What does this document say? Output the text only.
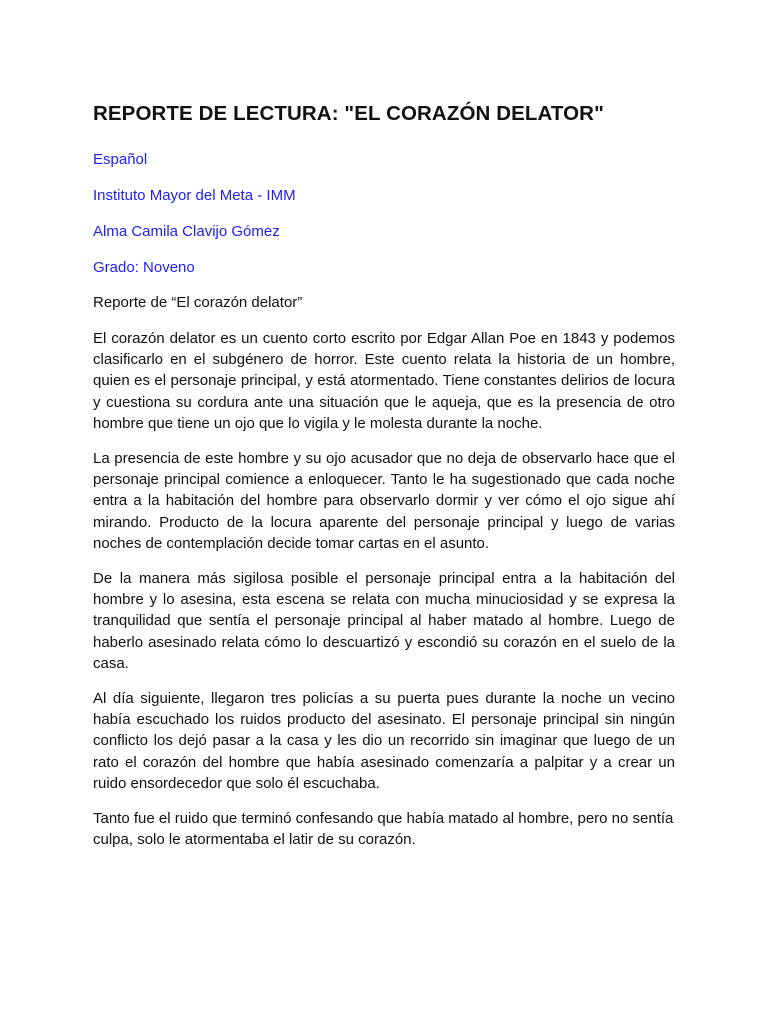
REPORTE DE LECTURA: "EL CORAZÓN DELATOR"

Español

Instituto Mayor del Meta - IMM

Alma Camila Clavijo Gómez

Grado: Noveno

Reporte de “El corazón delator”

El corazón delator es un cuento corto escrito por Edgar Allan Poe en 1843 y podemos clasificarlo en el subgénero de horror. Este cuento relata la historia de un hombre, quien es el personaje principal, y está atormentado. Tiene constantes delirios de locura y cuestiona su cordura ante una situación que le aqueja, que es la presencia de otro hombre que tiene un ojo que lo vigila y le molesta durante la noche.

La presencia de este hombre y su ojo acusador que no deja de observarlo hace que el personaje principal comience a enloquecer. Tanto le ha sugestionado que cada noche entra a la habitación del hombre para observarlo dormir y ver cómo el ojo sigue ahí mirando. Producto de la locura aparente del personaje principal y luego de varias noches de contemplación decide tomar cartas en el asunto.

De la manera más sigilosa posible el personaje principal entra a la habitación del hombre y lo asesina, esta escena se relata con mucha minuciosidad y se expresa la tranquilidad que sentía el personaje principal al haber matado al hombre. Luego de haberlo asesinado relata cómo lo descuartizó y escondió su corazón en el suelo de la casa.

Al día siguiente, llegaron tres policías a su puerta pues durante la noche un vecino había escuchado los ruidos producto del asesinato. El personaje principal sin ningún conflicto los dejó pasar a la casa y les dio un recorrido sin imaginar que luego de un rato el corazón del hombre que había asesinado comenzaría a palpitar y a crear un ruido ensordecedor que solo él escuchaba.

Tanto fue el ruido que terminó confesando que había matado al hombre, pero no sentía culpa, solo le atormentaba el latir de su corazón.
